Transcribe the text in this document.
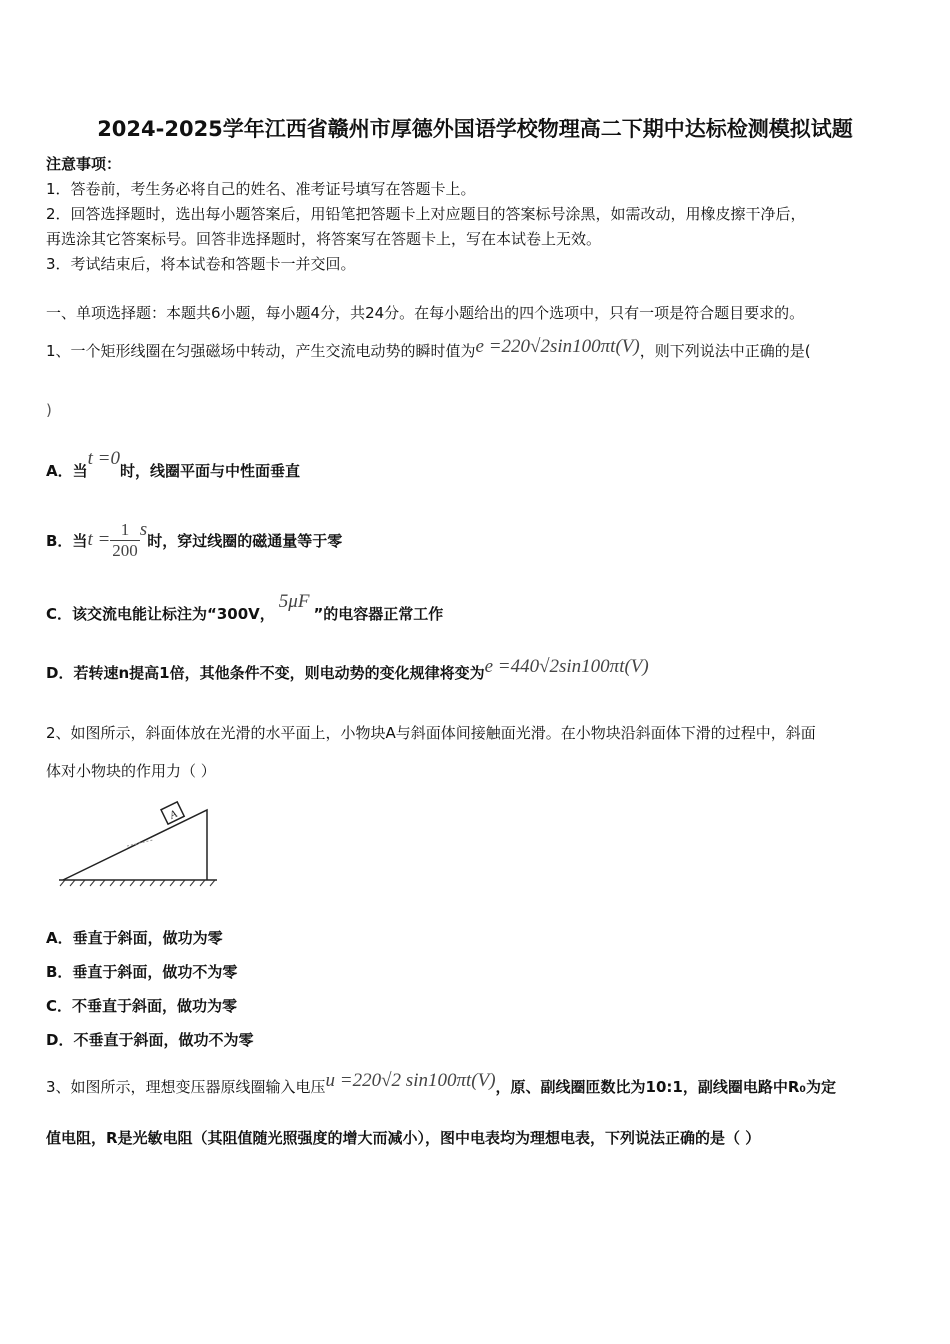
2024-2025学年江西省赣州市厚德外国语学校物理高二下期中达标检测模拟试题
注意事项：
1．答卷前，考生务必将自己的姓名、准考证号填写在答题卡上。
2．回答选择题时，选出每小题答案后，用铅笔把答题卡上对应题目的答案标号涂黑，如需改动，用橡皮擦干净后，
再选涂其它答案标号。回答非选择题时，将答案写在答题卡上，写在本试卷上无效。
3．考试结束后，将本试卷和答题卡一并交回。
一、单项选择题：本题共6小题，每小题4分，共24分。在每小题给出的四个选项中，只有一项是符合题目要求的。
1、一个矩形线圈在匀强磁场中转动，产生交流电动势的瞬时值为e =220√2sin100πt(V)，则下列说法中正确的是(
)
A．当t =0时，线圈平面与中性面垂直
B．当$t = \frac{1}{200}$ s时，穿过线圈的磁通量等于零
C．该交流电能让标注为“300V，5μF”的电容器正常工作
D．若转速n提高1倍，其他条件不变，则电动势的变化规律将变为e =440√2sin100πt(V)
2、如图所示，斜面体放在光滑的水平面上，小物块A与斜面体间接触面光滑。在小物块沿斜面体下滑的过程中，斜面
体对小物块的作用力（ ）
A
A．垂直于斜面，做功为零
B．垂直于斜面，做功不为零
C．不垂直于斜面，做功为零
D．不垂直于斜面，做功不为零
3、如图所示，理想变压器原线圈输入电压u =220√2 sin100πt(V)，原、副线圈匝数比为10:1，副线圈电路中R₀为定
值电阻，R是光敏电阻（其阻值随光照强度的增大而减小），图中电表均为理想电表，下列说法正确的是（ ）
